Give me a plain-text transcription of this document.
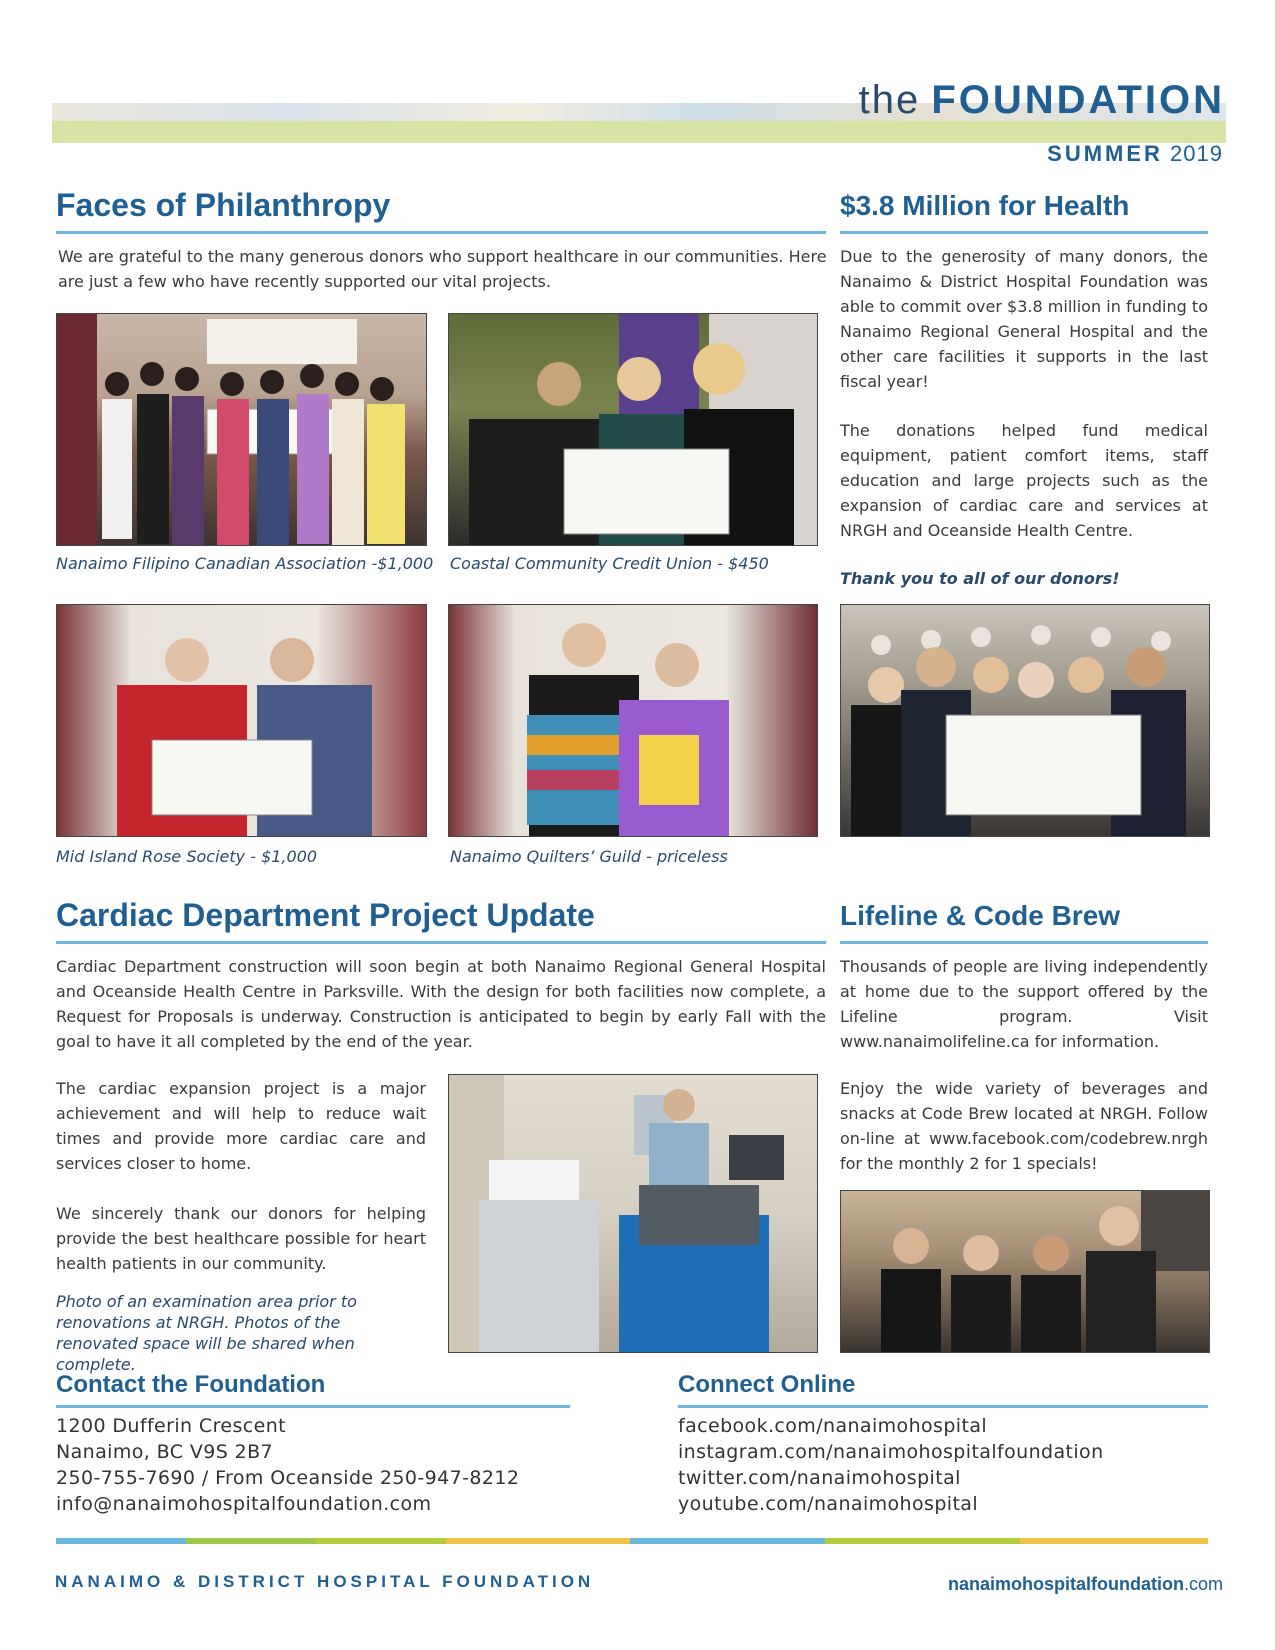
the FOUNDATION
SUMMER 2019
Faces of Philanthropy
We are grateful to the many generous donors who support healthcare in our communities. Here are just a few who have recently supported our vital projects.
Nanaimo Filipino Canadian Association -$1,000 Coastal Community Credit Union - $450
Mid Island Rose Society - $1,000	Nanaimo Quilters’ Guild - priceless
$3.8 Million for Health
Due to the generosity of many donors, the Nanaimo & District Hospital Foundation was able to commit over $3.8 million in funding to Nanaimo Regional General Hospital and the other care facilities it supports in the last fiscal year!
The donations helped fund medical equipment, patient comfort items, staff education and large projects such as the expansion of cardiac care and services at NRGH and Oceanside Health Centre.
Thank you to all of our donors!
Cardiac Department Project Update
Cardiac Department construction will soon begin at both Nanaimo Regional General Hospital and Oceanside Health Centre in Parksville. With the design for both facilities now complete, a Request for Proposals is underway. Construction is anticipated to begin by early Fall with the goal to have it all completed by the end of the year.
The cardiac expansion project is a major achievement and will help to reduce wait times and provide more cardiac care and services closer to home.
We sincerely thank our donors for helping provide the best healthcare possible for heart health patients in our community.
Photo of an examination area prior to renovations at NRGH. Photos of the renovated space will be shared when complete.
Lifeline & Code Brew
Thousands of people are living independently at home due to the support offered by the Lifeline program. Visit www.nanaimolifeline.ca for information.
Enjoy the wide variety of beverages and snacks at Code Brew located at NRGH. Follow on-line at www.facebook.com/codebrew.nrgh for the monthly 2 for 1 specials!
Contact the Foundation
1200 Dufferin Crescent
Nanaimo, BC V9S 2B7
250-755-7690 / From Oceanside 250-947-8212
info@nanaimohospitalfoundation.com
Connect Online
facebook.com/nanaimohospital
instagram.com/nanaimohospitalfoundation
twitter.com/nanaimohospital
youtube.com/nanaimohospital
NANAIMO & DISTRICT HOSPITAL FOUNDATION	nanaimohospitalfoundation.com
